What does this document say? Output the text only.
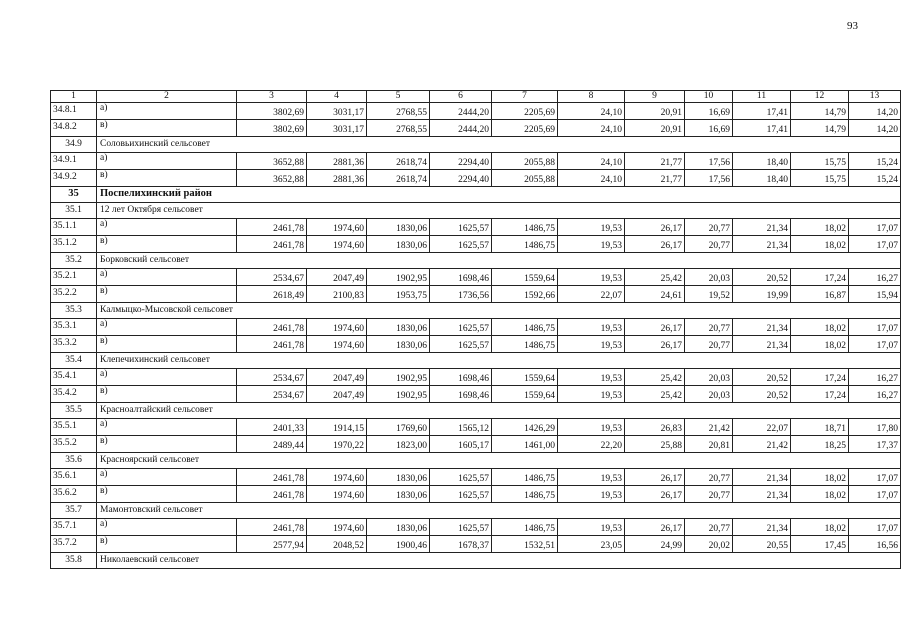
93
1	2	3	4	5	6	7	8	9	10	11	12	13
34.8.1	а)	3802,69	3031,17	2768,55	2444,20	2205,69	24,10	20,91	16,69	17,41	14,79	14,20
34.8.2	в)	3802,69	3031,17	2768,55	2444,20	2205,69	24,10	20,91	16,69	17,41	14,79	14,20
34.9	Соловьихинский сельсовет											
34.9.1	а)	3652,88	2881,36	2618,74	2294,40	2055,88	24,10	21,77	17,56	18,40	15,75	15,24
34.9.2	в)	3652,88	2881,36	2618,74	2294,40	2055,88	24,10	21,77	17,56	18,40	15,75	15,24
35	Поспелихинский район											
35.1	12 лет Октября сельсовет											
35.1.1	а)	2461,78	1974,60	1830,06	1625,57	1486,75	19,53	26,17	20,77	21,34	18,02	17,07
35.1.2	в)	2461,78	1974,60	1830,06	1625,57	1486,75	19,53	26,17	20,77	21,34	18,02	17,07
35.2	Борковский сельсовет											
35.2.1	а)	2534,67	2047,49	1902,95	1698,46	1559,64	19,53	25,42	20,03	20,52	17,24	16,27
35.2.2	в)	2618,49	2100,83	1953,75	1736,56	1592,66	22,07	24,61	19,52	19,99	16,87	15,94
35.3	Калмыцко-Мысовской сельсовет											
35.3.1	а)	2461,78	1974,60	1830,06	1625,57	1486,75	19,53	26,17	20,77	21,34	18,02	17,07
35.3.2	в)	2461,78	1974,60	1830,06	1625,57	1486,75	19,53	26,17	20,77	21,34	18,02	17,07
35.4	Клепечихинский сельсовет											
35.4.1	а)	2534,67	2047,49	1902,95	1698,46	1559,64	19,53	25,42	20,03	20,52	17,24	16,27
35.4.2	в)	2534,67	2047,49	1902,95	1698,46	1559,64	19,53	25,42	20,03	20,52	17,24	16,27
35.5	Красноалтайский сельсовет											
35.5.1	а)	2401,33	1914,15	1769,60	1565,12	1426,29	19,53	26,83	21,42	22,07	18,71	17,80
35.5.2	в)	2489,44	1970,22	1823,00	1605,17	1461,00	22,20	25,88	20,81	21,42	18,25	17,37
35.6	Красноярский сельсовет											
35.6.1	а)	2461,78	1974,60	1830,06	1625,57	1486,75	19,53	26,17	20,77	21,34	18,02	17,07
35.6.2	в)	2461,78	1974,60	1830,06	1625,57	1486,75	19,53	26,17	20,77	21,34	18,02	17,07
35.7	Мамонтовский сельсовет											
35.7.1	а)	2461,78	1974,60	1830,06	1625,57	1486,75	19,53	26,17	20,77	21,34	18,02	17,07
35.7.2	в)	2577,94	2048,52	1900,46	1678,37	1532,51	23,05	24,99	20,02	20,55	17,45	16,56
35.8	Николаевский сельсовет											
